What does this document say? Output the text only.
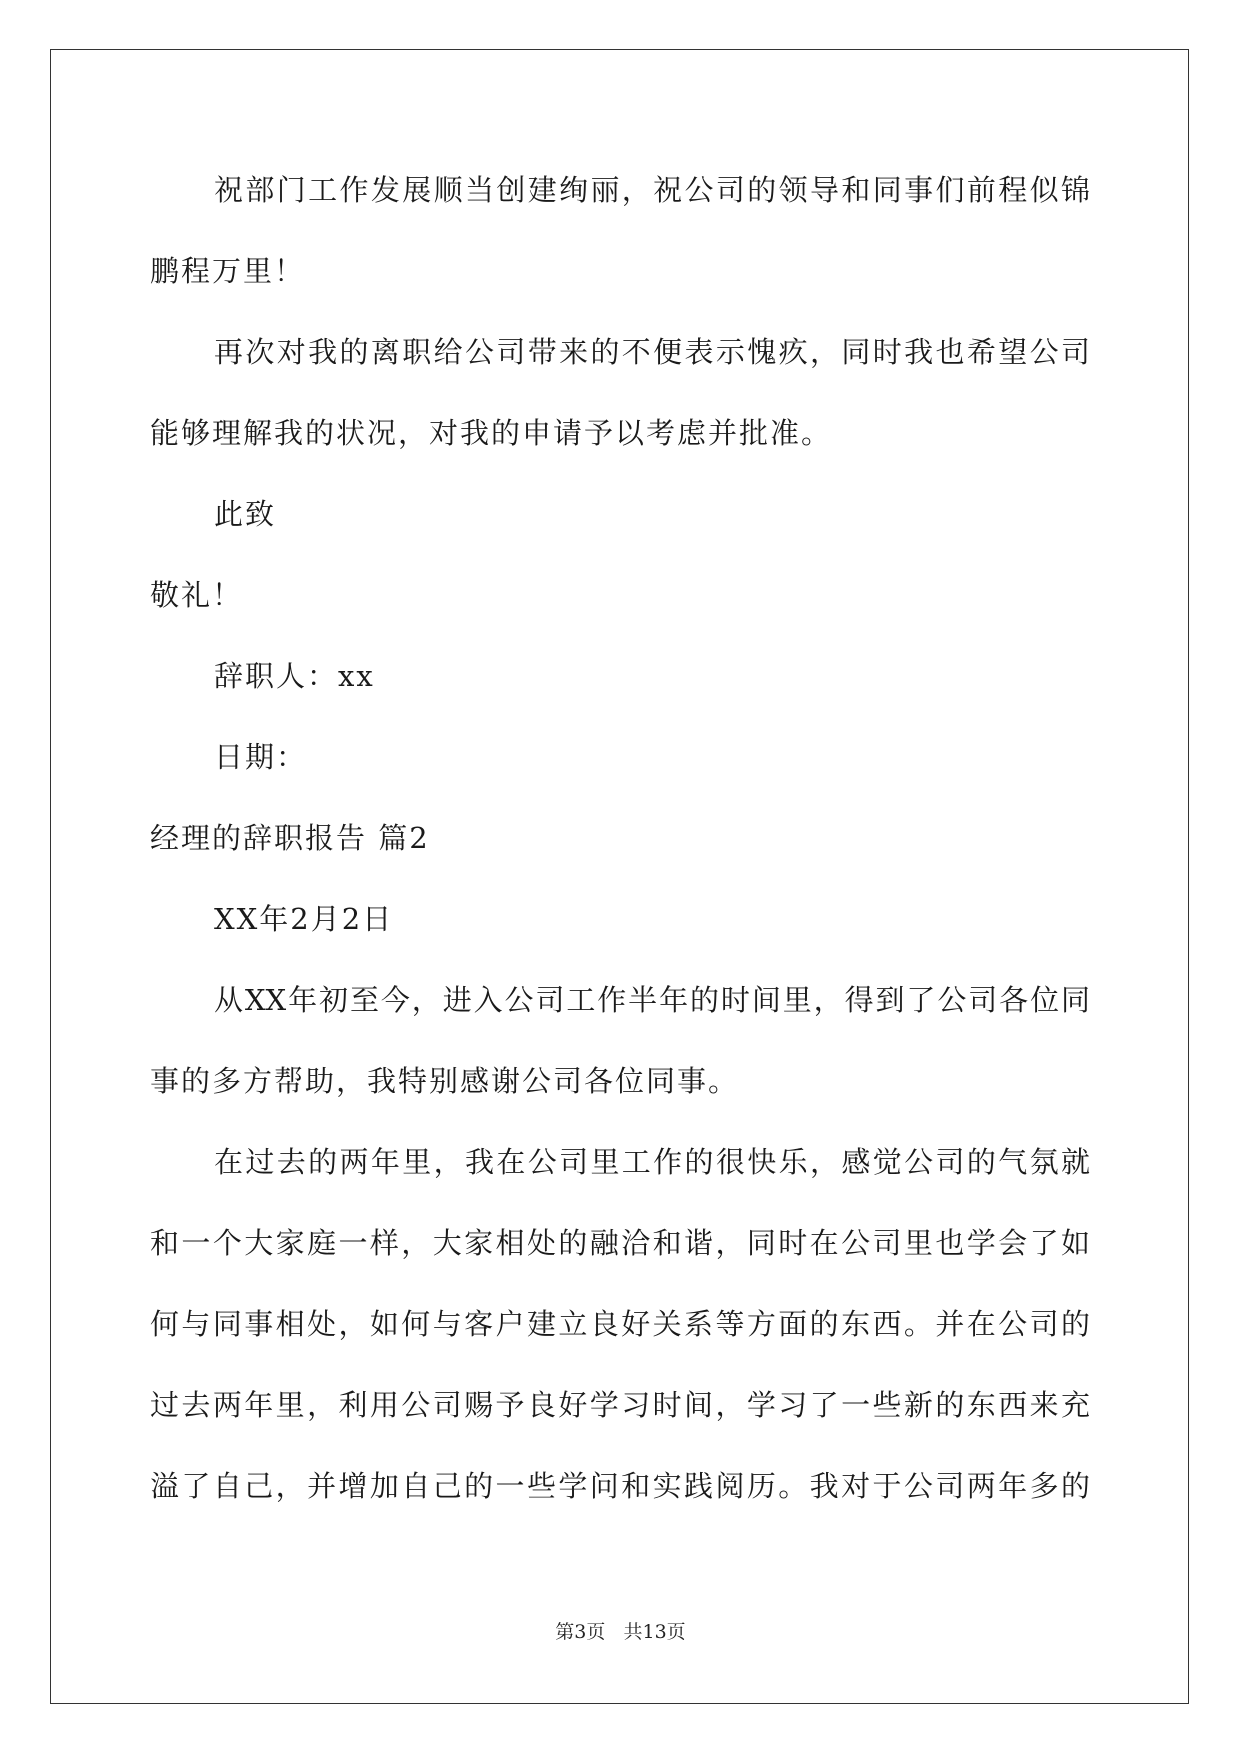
祝部门工作发展顺当创建绚丽，祝公司的领导和同事们前程似锦
鹏程万里！
再次对我的离职给公司带来的不便表示愧疚，同时我也希望公司
能够理解我的状况，对我的申请予以考虑并批准。
此致
敬礼！
辞职人：xx
日期：
经理的辞职报告 篇2
XX年2月2日
从XX年初至今，进入公司工作半年的时间里，得到了公司各位同
事的多方帮助，我特别感谢公司各位同事。
在过去的两年里，我在公司里工作的很快乐，感觉公司的气氛就
和一个大家庭一样，大家相处的融洽和谐，同时在公司里也学会了如
何与同事相处，如何与客户建立良好关系等方面的东西。并在公司的
过去两年里，利用公司赐予良好学习时间，学习了一些新的东西来充
溢了自己，并增加自己的一些学问和实践阅历。我对于公司两年多的
第3页   共13页
